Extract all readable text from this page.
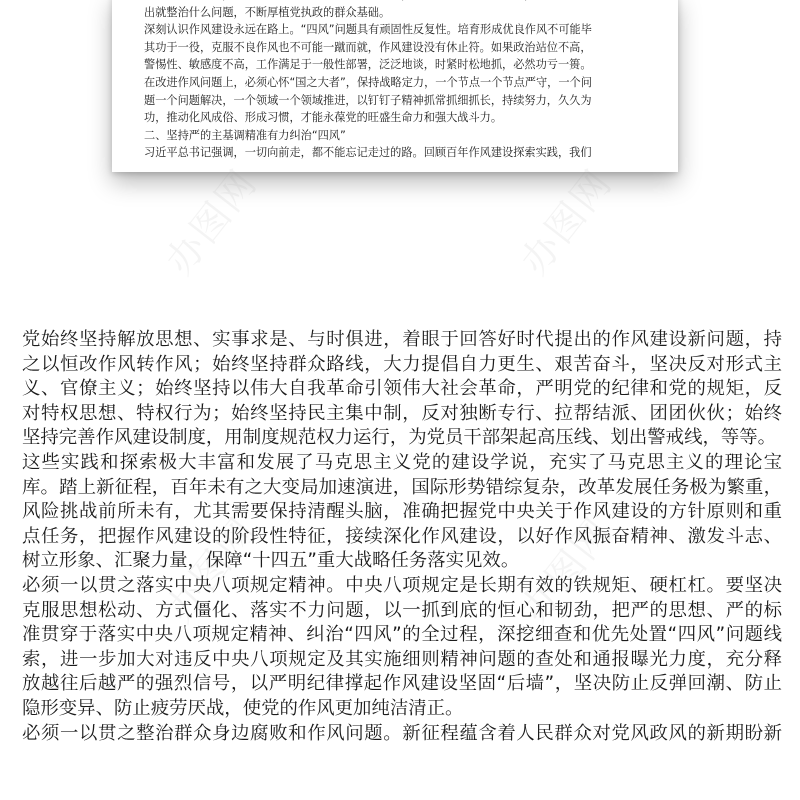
出就整治什么问题，不断厚植党执政的群众基础。
深刻认识作风建设永远在路上。“四风”问题具有顽固性反复性。培育形成优良作风不可能毕
其功于一役，克服不良作风也不可能一蹴而就，作风建设没有休止符。如果政治站位不高，
警惕性、敏感度不高，工作满足于一般性部署，泛泛地谈，时紧时松地抓，必然功亏一篑。
在改进作风问题上，必须心怀“国之大者”，保持战略定力，一个节点一个节点严守，一个问
题一个问题解决，一个领域一个领域推进，以钉钉子精神抓常抓细抓长，持续努力，久久为
功，推动化风成俗、形成习惯，才能永葆党的旺盛生命力和强大战斗力。
二、坚持严的主基调精准有力纠治“四风”
习近平总书记强调，一切向前走，都不能忘记走过的路。回顾百年作风建设探索实践，我们
办图网	办图网
办图网	办图网
党始终坚持解放思想、实事求是、与时俱进，着眼于回答好时代提出的作风建设新问题，持
之以恒改作风转作风；始终坚持群众路线，大力提倡自力更生、艰苦奋斗，坚决反对形式主
义、官僚主义；始终坚持以伟大自我革命引领伟大社会革命，严明党的纪律和党的规矩，反
对特权思想、特权行为；始终坚持民主集中制，反对独断专行、拉帮结派、团团伙伙；始终
坚持完善作风建设制度，用制度规范权力运行，为党员干部架起高压线、划出警戒线，等等。
这些实践和探索极大丰富和发展了马克思主义党的建设学说，充实了马克思主义的理论宝
库。踏上新征程，百年未有之大变局加速演进，国际形势错综复杂，改革发展任务极为繁重，
风险挑战前所未有，尤其需要保持清醒头脑，准确把握党中央关于作风建设的方针原则和重
点任务，把握作风建设的阶段性特征，接续深化作风建设，以好作风振奋精神、激发斗志、
树立形象、汇聚力量，保障“十四五”重大战略任务落实见效。
必须一以贯之落实中央八项规定精神。中央八项规定是长期有效的铁规矩、硬杠杠。要坚决
克服思想松动、方式僵化、落实不力问题，以一抓到底的恒心和韧劲，把严的思想、严的标
准贯穿于落实中央八项规定精神、纠治“四风”的全过程，深挖细查和优先处置“四风”问题线
索，进一步加大对违反中央八项规定及其实施细则精神问题的查处和通报曝光力度，充分释
放越往后越严的强烈信号，以严明纪律撑起作风建设坚固“后墙”，坚决防止反弹回潮、防止
隐形变异、防止疲劳厌战，使党的作风更加纯洁清正。
必须一以贯之整治群众身边腐败和作风问题。新征程蕴含着人民群众对党风政风的新期盼新
